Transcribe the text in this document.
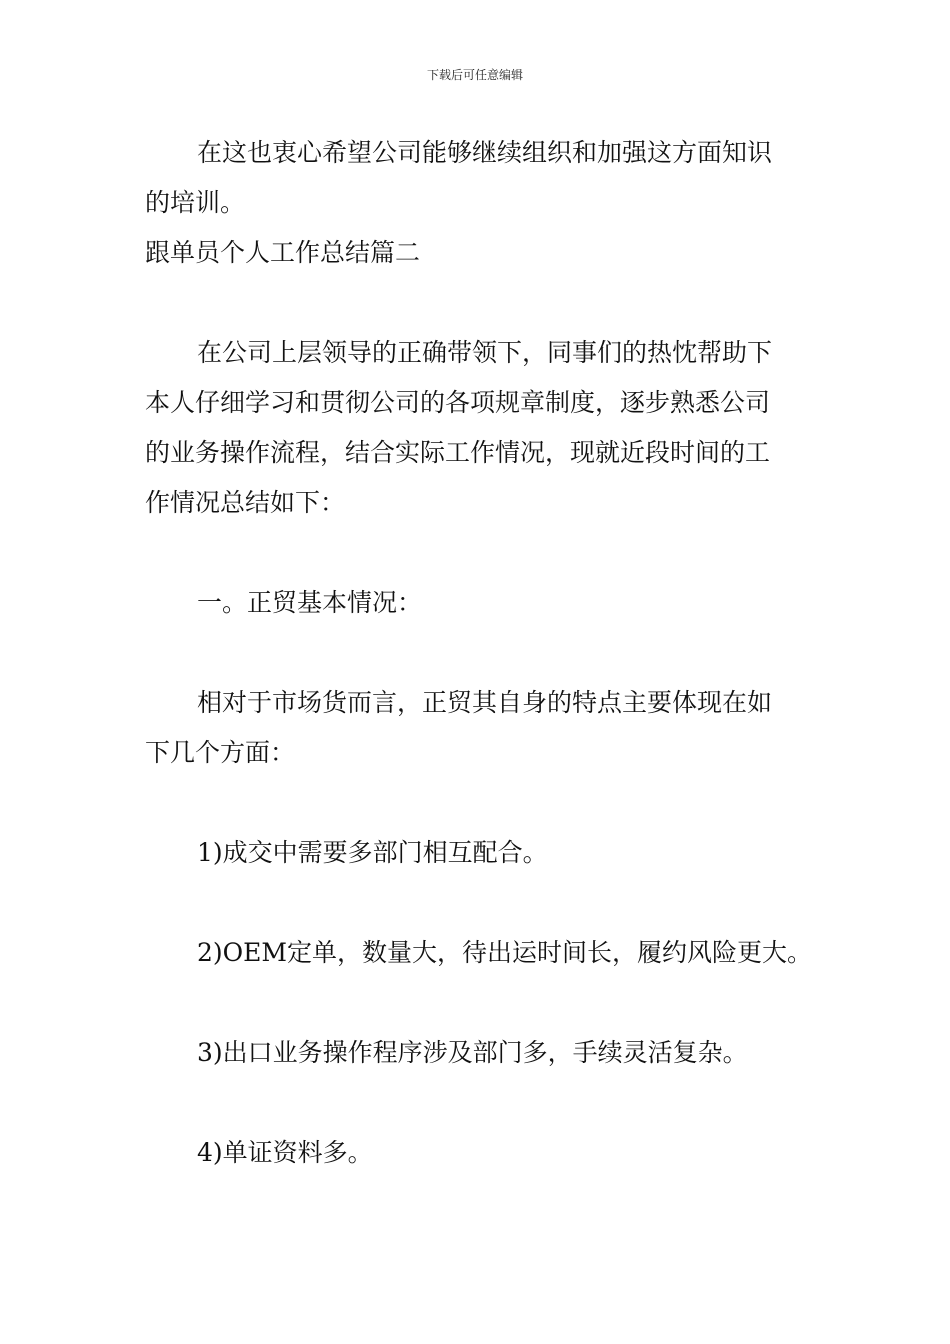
下载后可任意编辑
在这也衷心希望公司能够继续组织和加强这方面知识
的培训。
跟单员个人工作总结篇二
在公司上层领导的正确带领下，同事们的热忱帮助下
本人仔细学习和贯彻公司的各项规章制度，逐步熟悉公司
的业务操作流程，结合实际工作情况，现就近段时间的工
作情况总结如下：
一。正贸基本情况：
相对于市场货而言，正贸其自身的特点主要体现在如
下几个方面：
1)成交中需要多部门相互配合。
2)OEM定单，数量大，待出运时间长，履约风险更大。
3)出口业务操作程序涉及部门多，手续灵活复杂。
4)单证资料多。
